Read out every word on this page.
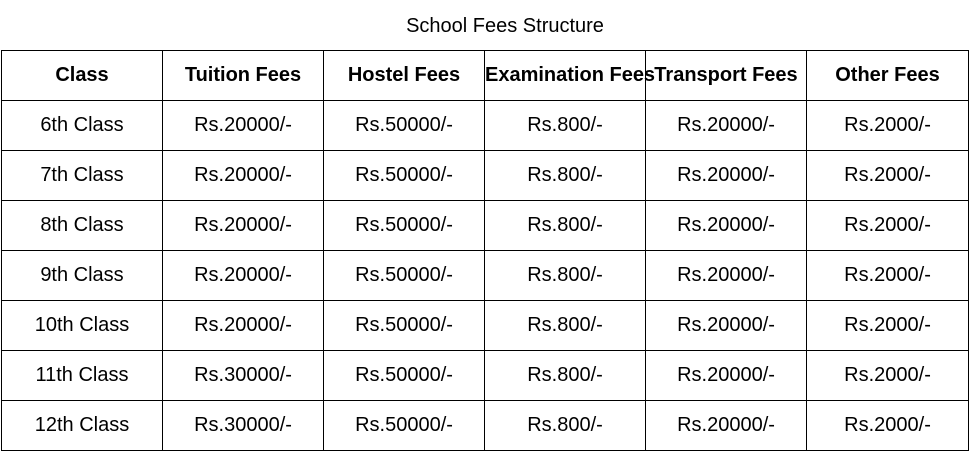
School Fees Structure
Class	Tuition Fees	Hostel Fees	Examination Fees	Transport Fees	Other Fees
6th Class	Rs.20000/-	Rs.50000/-	Rs.800/-	Rs.20000/-	Rs.2000/-
7th Class	Rs.20000/-	Rs.50000/-	Rs.800/-	Rs.20000/-	Rs.2000/-
8th Class	Rs.20000/-	Rs.50000/-	Rs.800/-	Rs.20000/-	Rs.2000/-
9th Class	Rs.20000/-	Rs.50000/-	Rs.800/-	Rs.20000/-	Rs.2000/-
10th Class	Rs.20000/-	Rs.50000/-	Rs.800/-	Rs.20000/-	Rs.2000/-
11th Class	Rs.30000/-	Rs.50000/-	Rs.800/-	Rs.20000/-	Rs.2000/-
12th Class	Rs.30000/-	Rs.50000/-	Rs.800/-	Rs.20000/-	Rs.2000/-
